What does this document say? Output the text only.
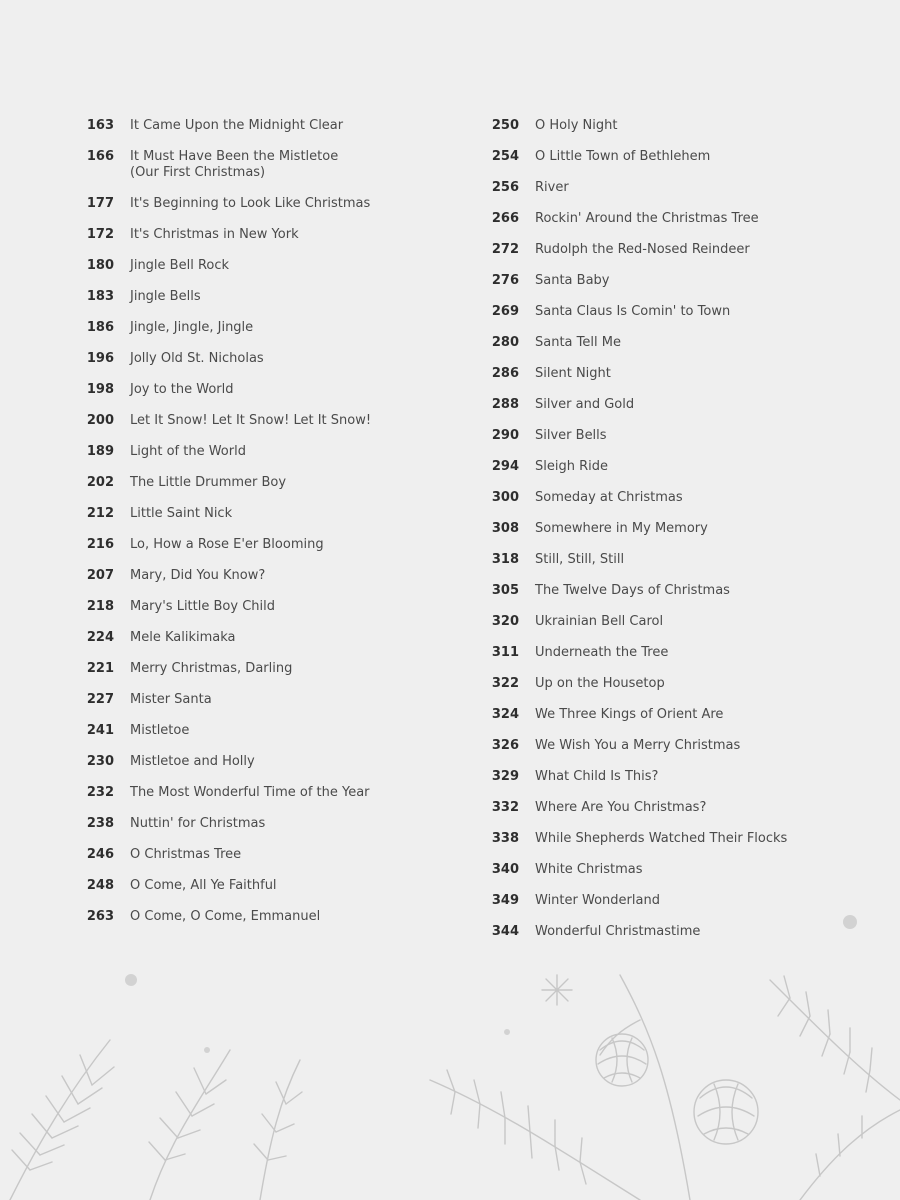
163 It Came Upon the Midnight Clear
166 It Must Have Been the Mistletoe
(Our First Christmas)
177 It's Beginning to Look Like Christmas
172 It's Christmas in New York
180 Jingle Bell Rock
183 Jingle Bells
186 Jingle, Jingle, Jingle
196 Jolly Old St. Nicholas
198 Joy to the World
200 Let It Snow! Let It Snow! Let It Snow!
189 Light of the World
202 The Little Drummer Boy
212 Little Saint Nick
216 Lo, How a Rose E'er Blooming
207 Mary, Did You Know?
218 Mary's Little Boy Child
224 Mele Kalikimaka
221 Merry Christmas, Darling
227 Mister Santa
241 Mistletoe
230 Mistletoe and Holly
232 The Most Wonderful Time of the Year
238 Nuttin' for Christmas
246 O Christmas Tree
248 O Come, All Ye Faithful
263 O Come, O Come, Emmanuel
250 O Holy Night
254 O Little Town of Bethlehem
256 River
266 Rockin' Around the Christmas Tree
272 Rudolph the Red-Nosed Reindeer
276 Santa Baby
269 Santa Claus Is Comin' to Town
280 Santa Tell Me
286 Silent Night
288 Silver and Gold
290 Silver Bells
294 Sleigh Ride
300 Someday at Christmas
308 Somewhere in My Memory
318 Still, Still, Still
305 The Twelve Days of Christmas
320 Ukrainian Bell Carol
311 Underneath the Tree
322 Up on the Housetop
324 We Three Kings of Orient Are
326 We Wish You a Merry Christmas
329 What Child Is This?
332 Where Are You Christmas?
338 While Shepherds Watched Their Flocks
340 White Christmas
349 Winter Wonderland
344 Wonderful Christmastime
